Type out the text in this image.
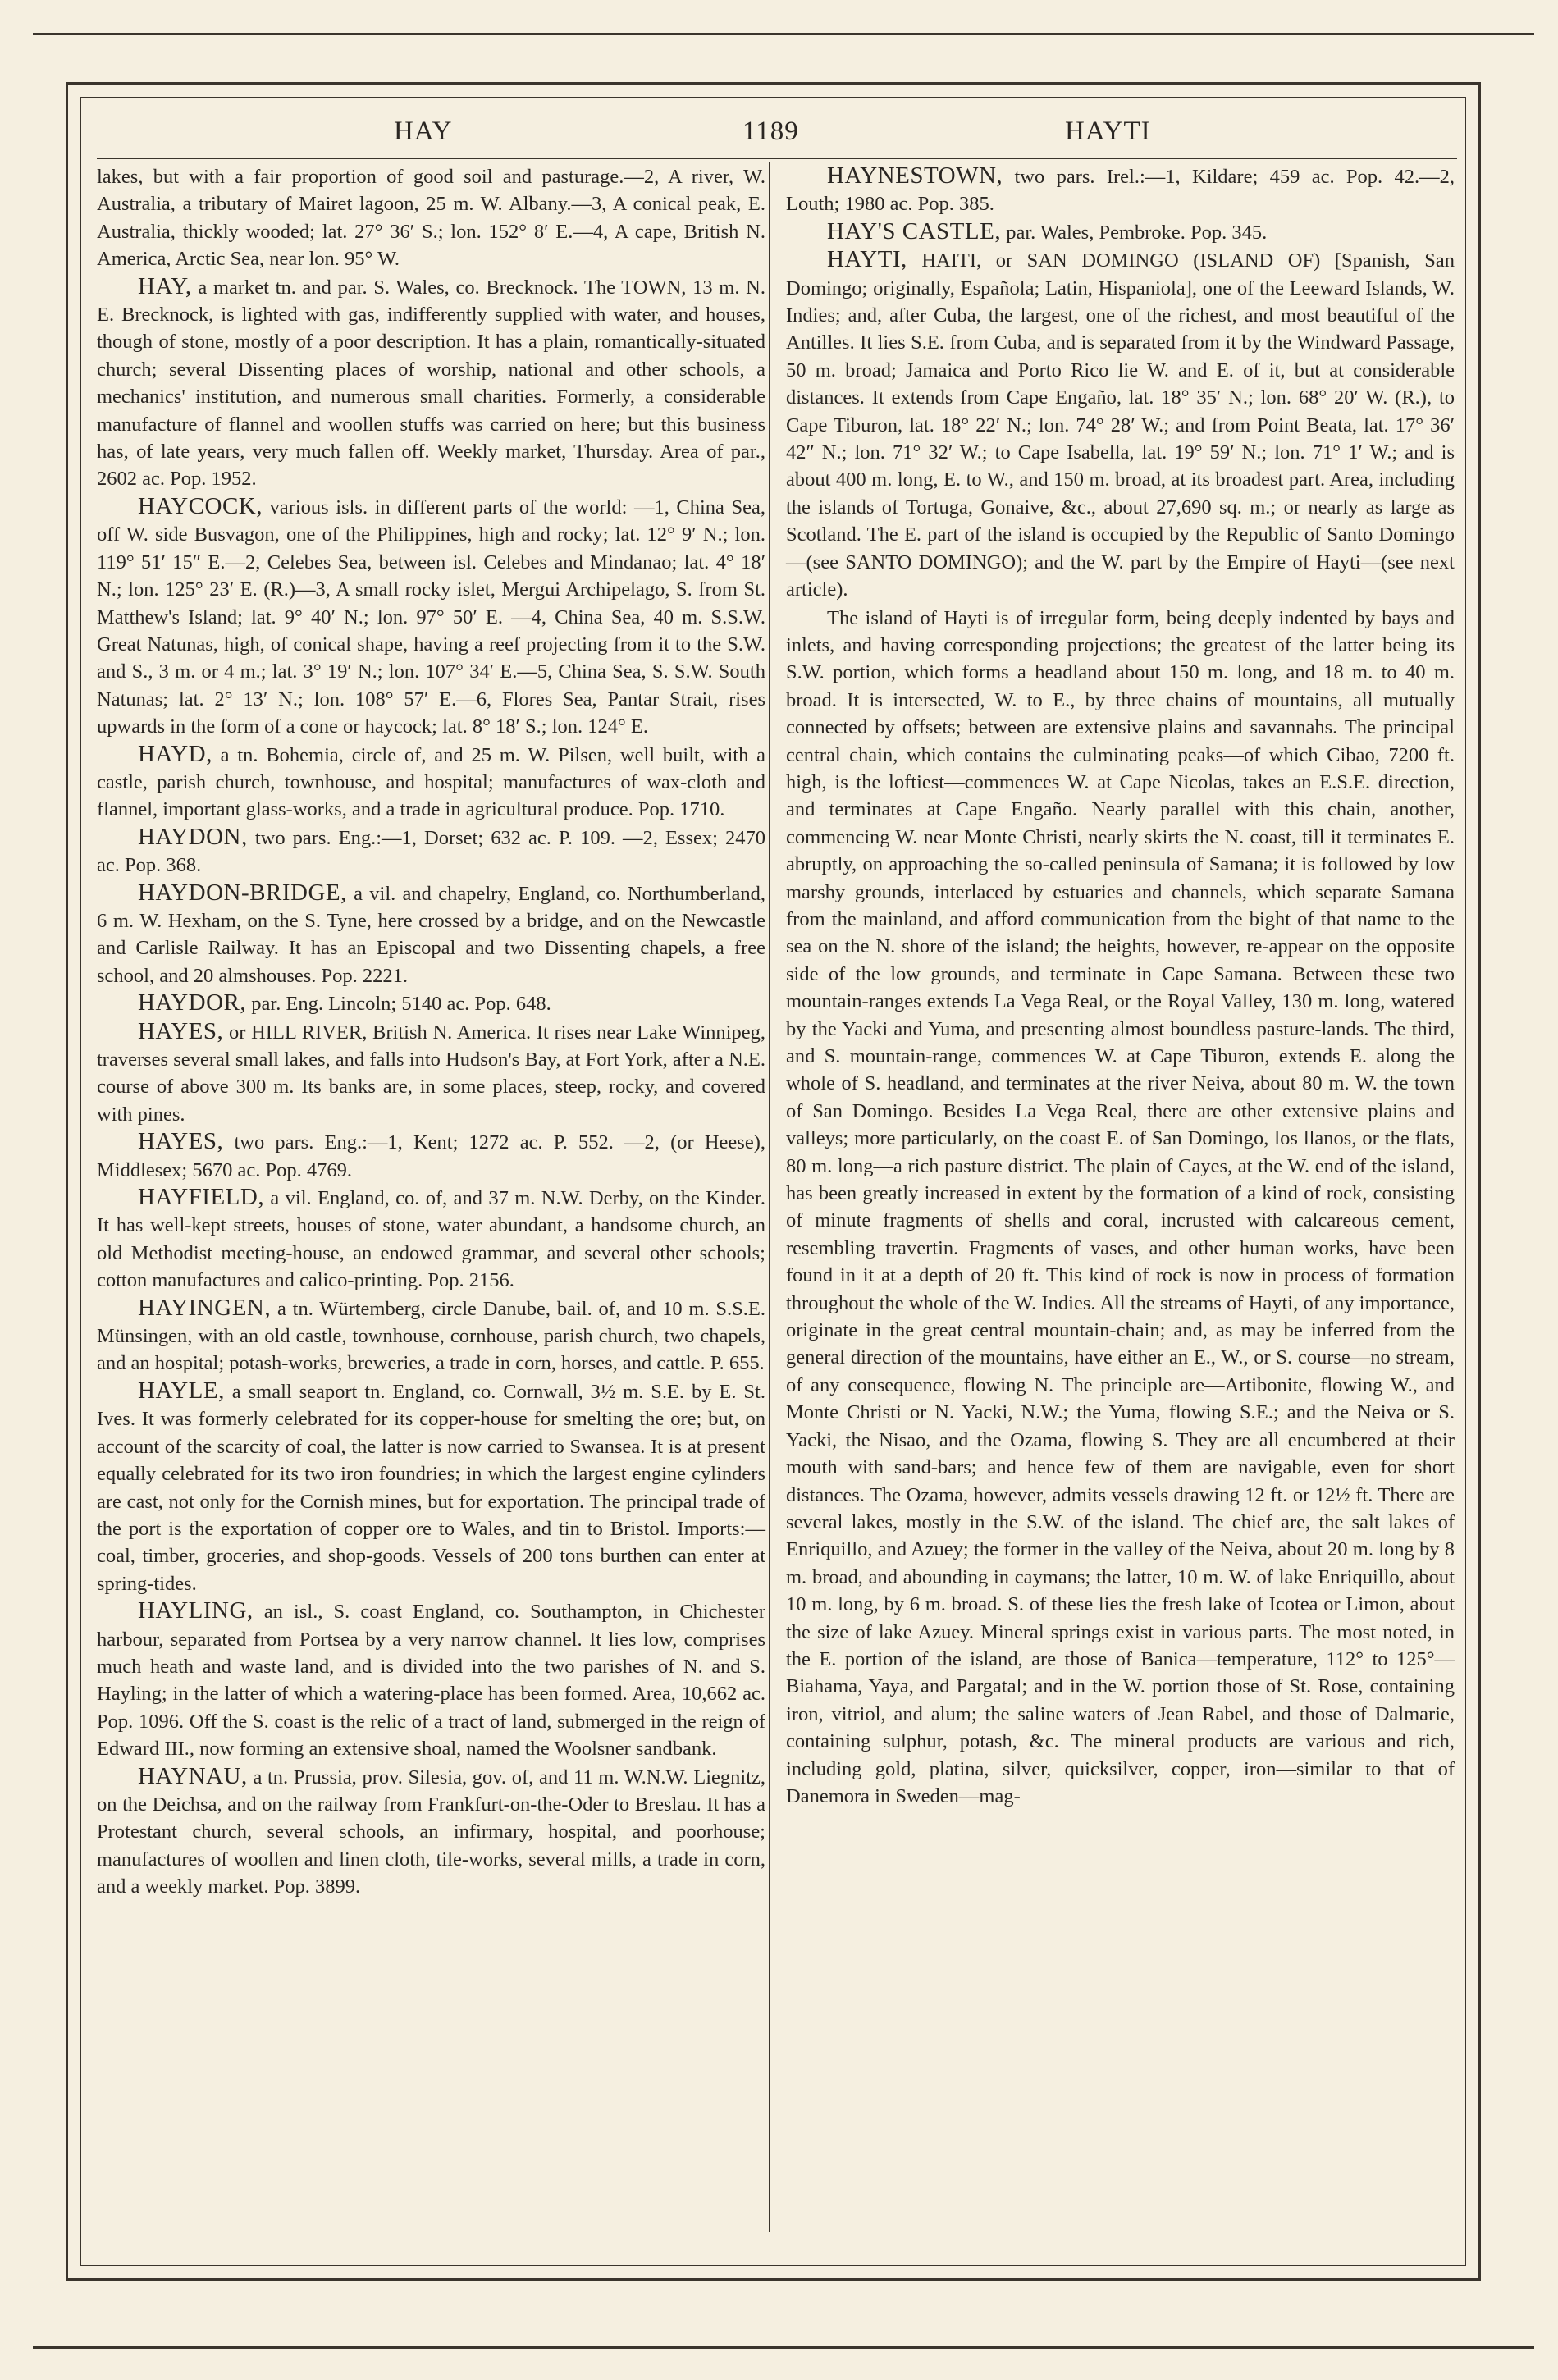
HAY	1189	HAYTI

lakes, but with a fair proportion of good soil and pasturage.—2, A river, W. Australia, a tributary of Mairet lagoon, 25 m. W. Albany.—3, A conical peak, E. Australia, thickly wooded; lat. 27° 36′ S.; lon. 152° 8′ E.—4, A cape, British N. America, Arctic Sea, near lon. 95° W.

HAY, a market tn. and par. S. Wales, co. Brecknock. The TOWN, 13 m. N. E. Brecknock, is lighted with gas, indifferently supplied with water, and houses, though of stone, mostly of a poor description. It has a plain, romantically-situated church; several Dissenting places of worship, national and other schools, a mechanics' institution, and numerous small charities. Formerly, a considerable manufacture of flannel and woollen stuffs was carried on here; but this business has, of late years, very much fallen off. Weekly market, Thursday. Area of par., 2602 ac. Pop. 1952.

HAYCOCK, various isls. in different parts of the world: —1, China Sea, off W. side Busvagon, one of the Philippines, high and rocky; lat. 12° 9′ N.; lon. 119° 51′ 15″ E.—2, Celebes Sea, between isl. Celebes and Mindanao; lat. 4° 18′ N.; lon. 125° 23′ E. (R.)—3, A small rocky islet, Mergui Archipelago, S. from St. Matthew's Island; lat. 9° 40′ N.; lon. 97° 50′ E. —4, China Sea, 40 m. S.S.W. Great Natunas, high, of conical shape, having a reef projecting from it to the S.W. and S., 3 m. or 4 m.; lat. 3° 19′ N.; lon. 107° 34′ E.—5, China Sea, S. S.W. South Natunas; lat. 2° 13′ N.; lon. 108° 57′ E.—6, Flores Sea, Pantar Strait, rises upwards in the form of a cone or haycock; lat. 8° 18′ S.; lon. 124° E.

HAYD, a tn. Bohemia, circle of, and 25 m. W. Pilsen, well built, with a castle, parish church, townhouse, and hospital; manufactures of wax-cloth and flannel, important glass-works, and a trade in agricultural produce. Pop. 1710.

HAYDON, two pars. Eng.:—1, Dorset; 632 ac. P. 109. —2, Essex; 2470 ac. Pop. 368.

HAYDON-BRIDGE, a vil. and chapelry, England, co. Northumberland, 6 m. W. Hexham, on the S. Tyne, here crossed by a bridge, and on the Newcastle and Carlisle Railway. It has an Episcopal and two Dissenting chapels, a free school, and 20 almshouses. Pop. 2221.

HAYDOR, par. Eng. Lincoln; 5140 ac. Pop. 648.

HAYES, or HILL RIVER, British N. America. It rises near Lake Winnipeg, traverses several small lakes, and falls into Hudson's Bay, at Fort York, after a N.E. course of above 300 m. Its banks are, in some places, steep, rocky, and covered with pines.

HAYES, two pars. Eng.:—1, Kent; 1272 ac. P. 552. —2, (or Heese), Middlesex; 5670 ac. Pop. 4769.

HAYFIELD, a vil. England, co. of, and 37 m. N.W. Derby, on the Kinder. It has well-kept streets, houses of stone, water abundant, a handsome church, an old Methodist meeting-house, an endowed grammar, and several other schools; cotton manufactures and calico-printing. Pop. 2156.

HAYINGEN, a tn. Würtemberg, circle Danube, bail. of, and 10 m. S.S.E. Münsingen, with an old castle, townhouse, cornhouse, parish church, two chapels, and an hospital; potash-works, breweries, a trade in corn, horses, and cattle. P. 655.

HAYLE, a small seaport tn. England, co. Cornwall, 3½ m. S.E. by E. St. Ives. It was formerly celebrated for its copper-house for smelting the ore; but, on account of the scarcity of coal, the latter is now carried to Swansea. It is at present equally celebrated for its two iron foundries; in which the largest engine cylinders are cast, not only for the Cornish mines, but for exportation. The principal trade of the port is the exportation of copper ore to Wales, and tin to Bristol. Imports:—coal, timber, groceries, and shop-goods. Vessels of 200 tons burthen can enter at spring-tides.

HAYLING, an isl., S. coast England, co. Southampton, in Chichester harbour, separated from Portsea by a very narrow channel. It lies low, comprises much heath and waste land, and is divided into the two parishes of N. and S. Hayling; in the latter of which a watering-place has been formed. Area, 10,662 ac. Pop. 1096. Off the S. coast is the relic of a tract of land, submerged in the reign of Edward III., now forming an extensive shoal, named the Woolsner sandbank.

HAYNAU, a tn. Prussia, prov. Silesia, gov. of, and 11 m. W.N.W. Liegnitz, on the Deichsa, and on the railway from Frankfurt-on-the-Oder to Breslau. It has a Protestant church, several schools, an infirmary, hospital, and poorhouse; manufactures of woollen and linen cloth, tile-works, several mills, a trade in corn, and a weekly market. Pop. 3899.

HAYNESTOWN, two pars. Irel.:—1, Kildare; 459 ac. Pop. 42.—2, Louth; 1980 ac. Pop. 385.

HAY'S CASTLE, par. Wales, Pembroke. Pop. 345.

HAYTI, HAITI, or SAN DOMINGO (ISLAND OF) [Spanish, San Domingo; originally, Española; Latin, Hispaniola], one of the Leeward Islands, W. Indies; and, after Cuba, the largest, one of the richest, and most beautiful of the Antilles. It lies S.E. from Cuba, and is separated from it by the Windward Passage, 50 m. broad; Jamaica and Porto Rico lie W. and E. of it, but at considerable distances. It extends from Cape Engaño, lat. 18° 35′ N.; lon. 68° 20′ W. (R.), to Cape Tiburon, lat. 18° 22′ N.; lon. 74° 28′ W.; and from Point Beata, lat. 17° 36′ 42″ N.; lon. 71° 32′ W.; to Cape Isabella, lat. 19° 59′ N.; lon. 71° 1′ W.; and is about 400 m. long, E. to W., and 150 m. broad, at its broadest part. Area, including the islands of Tortuga, Gonaive, &c., about 27,690 sq. m.; or nearly as large as Scotland. The E. part of the island is occupied by the Republic of Santo Domingo—(see SANTO DOMINGO); and the W. part by the Empire of Hayti—(see next article).

The island of Hayti is of irregular form, being deeply indented by bays and inlets, and having corresponding projections; the greatest of the latter being its S.W. portion, which forms a headland about 150 m. long, and 18 m. to 40 m. broad. It is intersected, W. to E., by three chains of mountains, all mutually connected by offsets; between are extensive plains and savannahs. The principal central chain, which contains the culminating peaks—of which Cibao, 7200 ft. high, is the loftiest—commences W. at Cape Nicolas, takes an E.S.E. direction, and terminates at Cape Engaño. Nearly parallel with this chain, another, commencing W. near Monte Christi, nearly skirts the N. coast, till it terminates E. abruptly, on approaching the so-called peninsula of Samana; it is followed by low marshy grounds, interlaced by estuaries and channels, which separate Samana from the mainland, and afford communication from the bight of that name to the sea on the N. shore of the island; the heights, however, re-appear on the opposite side of the low grounds, and terminate in Cape Samana. Between these two mountain-ranges extends La Vega Real, or the Royal Valley, 130 m. long, watered by the Yacki and Yuma, and presenting almost boundless pasture-lands. The third, and S. mountain-range, commences W. at Cape Tiburon, extends E. along the whole of S. headland, and terminates at the river Neiva, about 80 m. W. the town of San Domingo. Besides La Vega Real, there are other extensive plains and valleys; more particularly, on the coast E. of San Domingo, los llanos, or the flats, 80 m. long—a rich pasture district. The plain of Cayes, at the W. end of the island, has been greatly increased in extent by the formation of a kind of rock, consisting of minute fragments of shells and coral, incrusted with calcareous cement, resembling travertin. Fragments of vases, and other human works, have been found in it at a depth of 20 ft. This kind of rock is now in process of formation throughout the whole of the W. Indies. All the streams of Hayti, of any importance, originate in the great central mountain-chain; and, as may be inferred from the general direction of the mountains, have either an E., W., or S. course—no stream, of any consequence, flowing N. The principle are—Artibonite, flowing W., and Monte Christi or N. Yacki, N.W.; the Yuma, flowing S.E.; and the Neiva or S. Yacki, the Nisao, and the Ozama, flowing S. They are all encumbered at their mouth with sand-bars; and hence few of them are navigable, even for short distances. The Ozama, however, admits vessels drawing 12 ft. or 12½ ft. There are several lakes, mostly in the S.W. of the island. The chief are, the salt lakes of Enriquillo, and Azuey; the former in the valley of the Neiva, about 20 m. long by 8 m. broad, and abounding in caymans; the latter, 10 m. W. of lake Enriquillo, about 10 m. long, by 6 m. broad. S. of these lies the fresh lake of Icotea or Limon, about the size of lake Azuey. Mineral springs exist in various parts. The most noted, in the E. portion of the island, are those of Banica—temperature, 112° to 125°—Biahama, Yaya, and Pargatal; and in the W. portion those of St. Rose, containing iron, vitriol, and alum; the saline waters of Jean Rabel, and those of Dalmarie, containing sulphur, potash, &c. The mineral products are various and rich, including gold, platina, silver, quicksilver, copper, iron—similar to that of Danemora in Sweden—mag-
